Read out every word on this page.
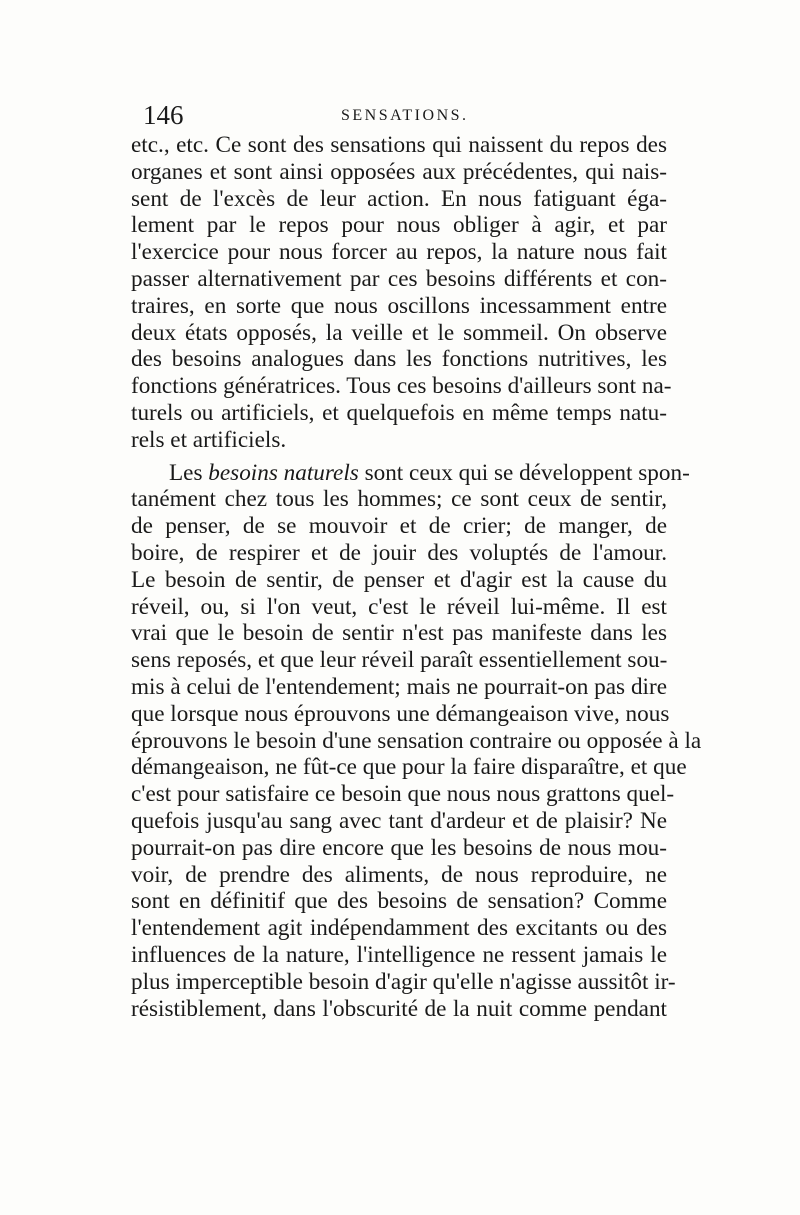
146	SENSATIONS.
etc., etc. Ce sont des sensations qui naissent du repos des
organes et sont ainsi opposées aux précédentes, qui nais-
sent de l'excès de leur action. En nous fatiguant éga-
lement par le repos pour nous obliger à agir, et par
l'exercice pour nous forcer au repos, la nature nous fait
passer alternativement par ces besoins différents et con-
traires, en sorte que nous oscillons incessamment entre
deux états opposés, la veille et le sommeil. On observe
des besoins analogues dans les fonctions nutritives, les
fonctions génératrices. Tous ces besoins d'ailleurs sont na-
turels ou artificiels, et quelquefois en même temps natu-
rels et artificiels.
Les besoins naturels sont ceux qui se développent spon-
tanément chez tous les hommes; ce sont ceux de sentir,
de penser, de se mouvoir et de crier; de manger, de
boire, de respirer et de jouir des voluptés de l'amour.
Le besoin de sentir, de penser et d'agir est la cause du
réveil, ou, si l'on veut, c'est le réveil lui-même. Il est
vrai que le besoin de sentir n'est pas manifeste dans les
sens reposés, et que leur réveil paraît essentiellement sou-
mis à celui de l'entendement; mais ne pourrait-on pas dire
que lorsque nous éprouvons une démangeaison vive, nous
éprouvons le besoin d'une sensation contraire ou opposée à la
démangeaison, ne fût-ce que pour la faire disparaître, et que
c'est pour satisfaire ce besoin que nous nous grattons quel-
quefois jusqu'au sang avec tant d'ardeur et de plaisir? Ne
pourrait-on pas dire encore que les besoins de nous mou-
voir, de prendre des aliments, de nous reproduire, ne
sont en définitif que des besoins de sensation? Comme
l'entendement agit indépendamment des excitants ou des
influences de la nature, l'intelligence ne ressent jamais le
plus imperceptible besoin d'agir qu'elle n'agisse aussitôt ir-
résistiblement, dans l'obscurité de la nuit comme pendant
